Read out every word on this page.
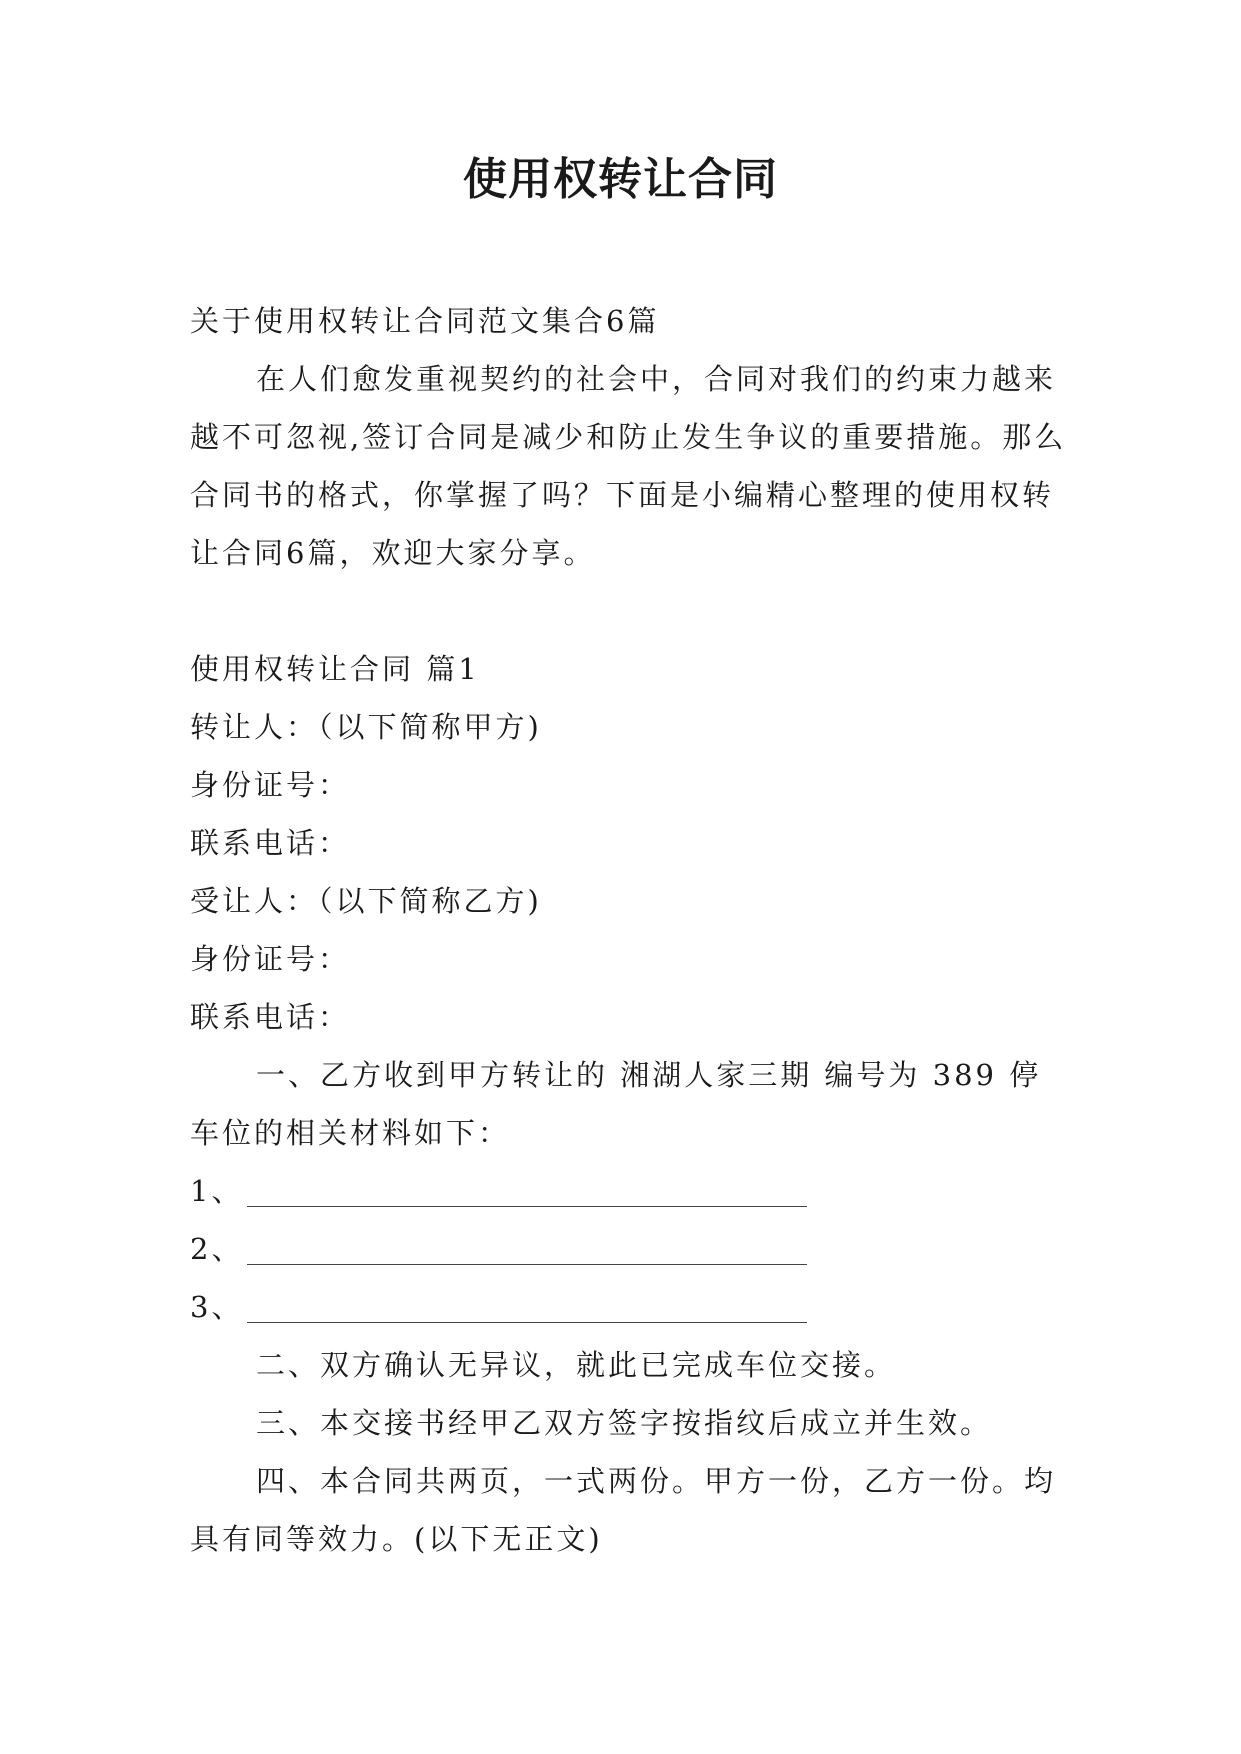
使用权转让合同

关于使用权转让合同范文集合6篇

在人们愈发重视契约的社会中，合同对我们的约束力越来越不可忽视,签订合同是减少和防止发生争议的重要措施。那么合同书的格式，你掌握了吗？下面是小编精心整理的使用权转让合同6篇，欢迎大家分享。

使用权转让合同 篇1

转让人：（以下简称甲方)

身份证号：

联系电话：

受让人：（以下简称乙方)

身份证号：

联系电话：

一、乙方收到甲方转让的 湘湖人家三期 编号为 389 停车位的相关材料如下：

1、

2、

3、

二、双方确认无异议，就此已完成车位交接。

三、本交接书经甲乙双方签字按指纹后成立并生效。

四、本合同共两页，一式两份。甲方一份，乙方一份。均具有同等效力。(以下无正文)
